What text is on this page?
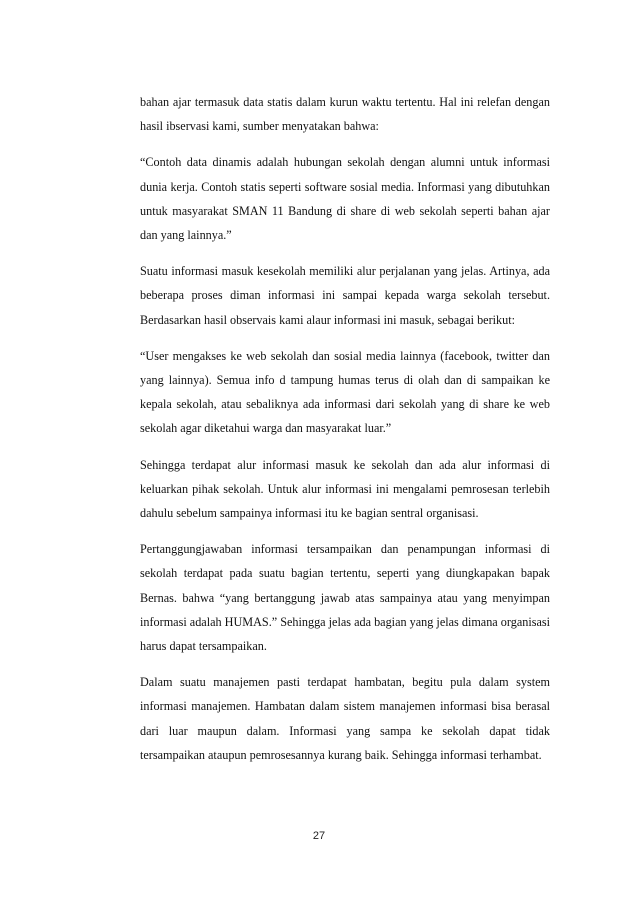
bahan ajar termasuk data statis dalam kurun waktu tertentu. Hal ini relefan dengan hasil ibservasi kami, sumber menyatakan bahwa:

“Contoh data dinamis adalah hubungan sekolah dengan alumni untuk informasi dunia kerja. Contoh statis seperti software sosial media. Informasi yang dibutuhkan untuk masyarakat SMAN 11 Bandung di share di web sekolah seperti bahan ajar dan yang lainnya.”

Suatu informasi masuk kesekolah memiliki alur perjalanan yang jelas. Artinya, ada beberapa proses diman informasi ini sampai kepada warga sekolah tersebut. Berdasarkan hasil observais kami alaur informasi ini masuk, sebagai berikut:

“User mengakses ke web sekolah dan sosial media lainnya (facebook, twitter dan yang lainnya). Semua info d tampung humas terus di olah dan di sampaikan ke kepala sekolah, atau sebaliknya ada informasi dari sekolah yang di share ke web sekolah agar diketahui warga dan masyarakat luar.”

Sehingga terdapat alur informasi masuk ke sekolah dan ada alur informasi di keluarkan pihak sekolah. Untuk alur informasi ini mengalami pemrosesan terlebih dahulu sebelum sampainya informasi itu ke bagian sentral organisasi.

Pertanggungjawaban informasi tersampaikan dan penampungan informasi di sekolah terdapat pada suatu bagian tertentu, seperti yang diungkapakan bapak Bernas. bahwa “yang bertanggung jawab atas sampainya atau yang menyimpan informasi adalah HUMAS.” Sehingga jelas ada bagian yang jelas dimana organisasi harus dapat tersampaikan.

Dalam suatu manajemen pasti terdapat hambatan, begitu pula dalam system informasi manajemen. Hambatan dalam sistem manajemen informasi bisa berasal dari luar maupun dalam. Informasi yang sampa ke sekolah dapat tidak tersampaikan ataupun pemrosesannya kurang baik. Sehingga informasi terhambat.

27
